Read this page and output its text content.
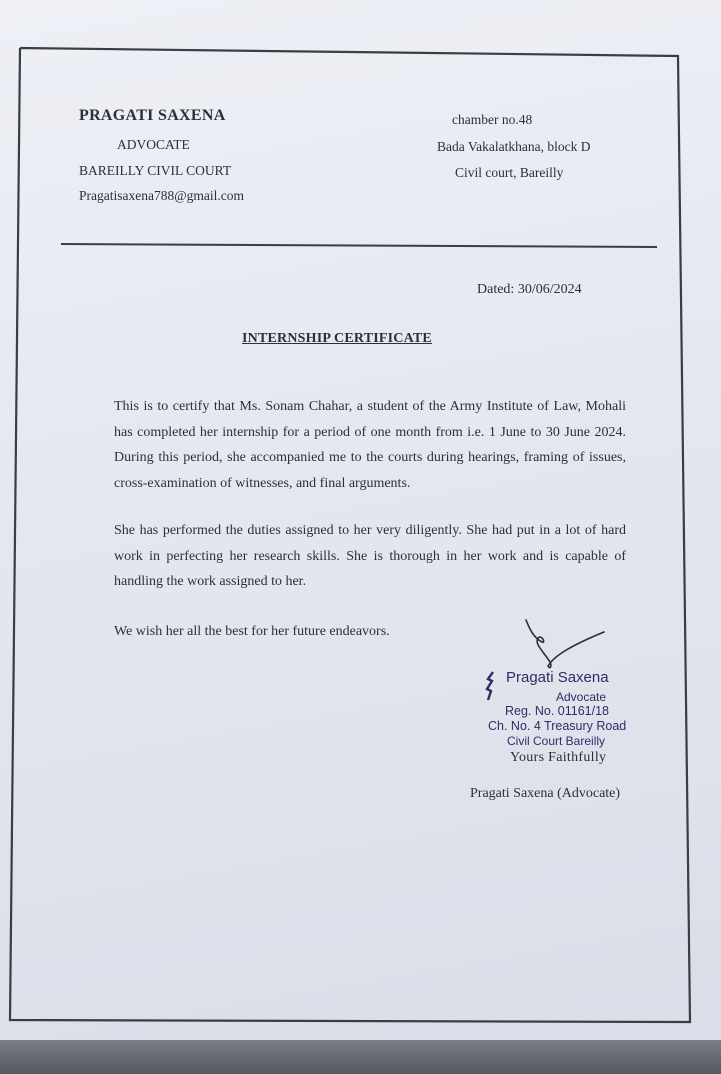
PRAGATI SAXENA
ADVOCATE
BAREILLY CIVIL COURT
Pragatisaxena788@gmail.com
chamber no.48
Bada Vakalatkhana, block D
Civil court, Bareilly
Dated: 30/06/2024
INTERNSHIP CERTIFICATE
This is to certify that Ms. Sonam Chahar, a student of the Army Institute of Law, Mohali has completed her internship for a period of one month from i.e. 1 June to 30 June 2024. During this period, she accompanied me to the courts during hearings, framing of issues, cross-examination of witnesses, and final arguments.
She has performed the duties assigned to her very diligently. She had put in a lot of hard work in perfecting her research skills. She is thorough in her work and is capable of handling the work assigned to her.
We wish her all the best for her future endeavors.
Pragati Saxena
Advocate
Reg. No. 01161/18
Ch. No. 4 Treasury Road
Civil Court Bareilly
Yours Faithfully
Pragati Saxena (Advocate)
